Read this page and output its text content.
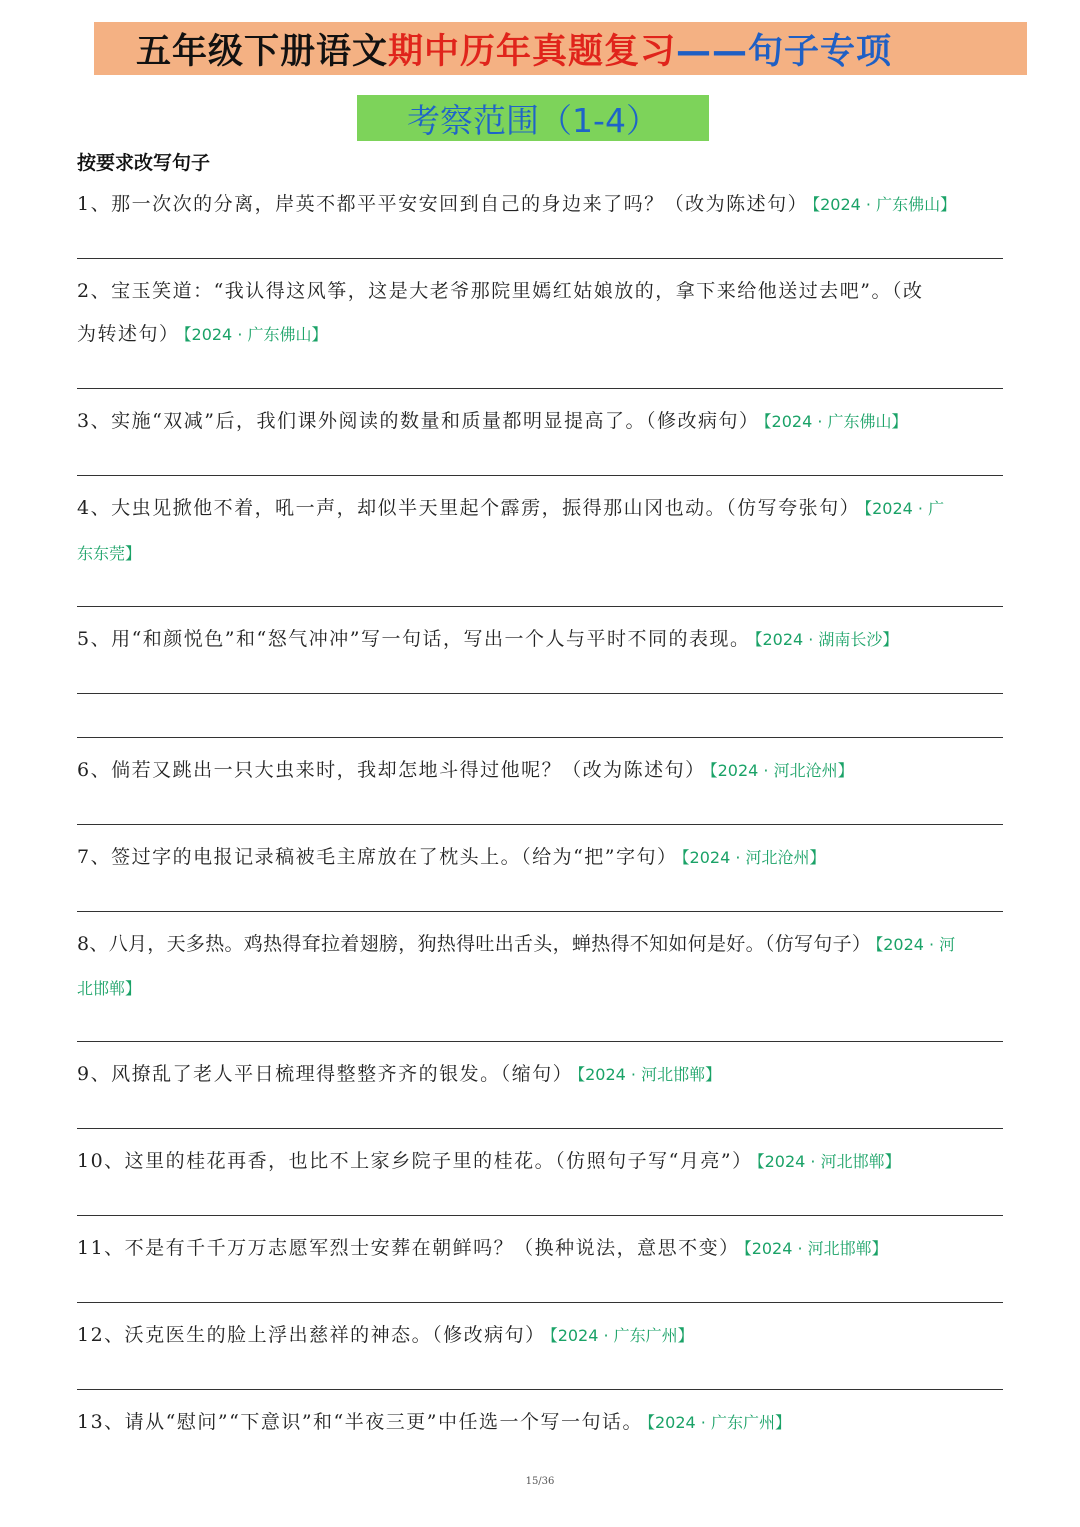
五年级下册语文期中历年真题复习——句子专项
考察范围（1-4）
按要求改写句子
1、那一次次的分离，岸英不都平平安安回到自己的身边来了吗？（改为陈述句） 【2024 · 广东佛山】
2、宝玉笑道：“我认得这风筝，这是大老爷那院里嫣红姑娘放的，拿下来给他送过去吧”。（改
为转述句） 【2024 · 广东佛山】
3、实施“双减”后，我们课外阅读的数量和质量都明显提高了。（修改病句） 【2024 · 广东佛山】
4、大虫见掀他不着，吼一声，却似半天里起个霹雳，振得那山冈也动。（仿写夸张句） 【2024 · 广
东东莞】
5、用“和颜悦色”和“怒气冲冲”写一句话，写出一个人与平时不同的表现。 【2024 · 湖南长沙】
6、倘若又跳出一只大虫来时，我却怎地斗得过他呢？（改为陈述句） 【2024 · 河北沧州】
7、签过字的电报记录稿被毛主席放在了枕头上。（给为“把”字句） 【2024 · 河北沧州】
8、八月，天多热。鸡热得耷拉着翅膀，狗热得吐出舌头，蝉热得不知如何是好。（仿写句子） 【2024 · 河
北邯郸】
9、风撩乱了老人平日梳理得整整齐齐的银发。（缩句） 【2024 · 河北邯郸】
10、这里的桂花再香，也比不上家乡院子里的桂花。（仿照句子写“月亮”） 【2024 · 河北邯郸】
11、不是有千千万万志愿军烈士安葬在朝鲜吗？（换种说法，意思不变） 【2024 · 河北邯郸】
12、沃克医生的脸上浮出慈祥的神态。（修改病句） 【2024 · 广东广州】
13、请从“慰问”“下意识”和“半夜三更”中任选一个写一句话。 【2024 · 广东广州】
15/36
